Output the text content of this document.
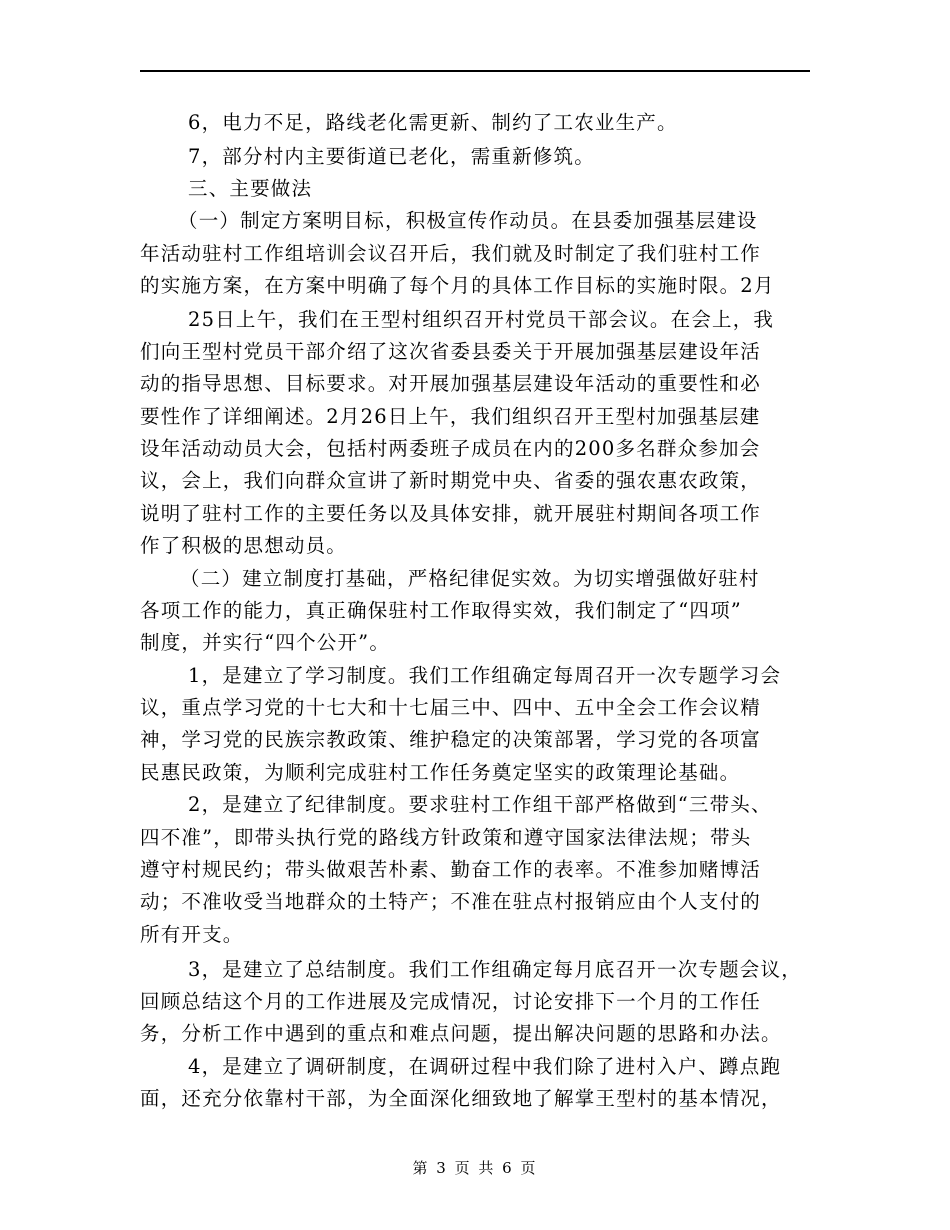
6，电力不足，路线老化需更新、制约了工农业生产。
7，部分村内主要街道已老化，需重新修筑。
三、主要做法
（一）制定方案明目标，积极宣传作动员。在县委加强基层建设
年活动驻村工作组培训会议召开后，我们就及时制定了我们驻村工作
的实施方案，在方案中明确了每个月的具体工作目标的实施时限。2月
25日上午，我们在王型村组织召开村党员干部会议。在会上，我
们向王型村党员干部介绍了这次省委县委关于开展加强基层建设年活
动的指导思想、目标要求。对开展加强基层建设年活动的重要性和必
要性作了详细阐述。2月26日上午，我们组织召开王型村加强基层建
设年活动动员大会，包括村两委班子成员在内的200多名群众参加会
议，会上，我们向群众宣讲了新时期党中央、省委的强农惠农政策，
说明了驻村工作的主要任务以及具体安排，就开展驻村期间各项工作
作了积极的思想动员。
（二）建立制度打基础，严格纪律促实效。为切实增强做好驻村
各项工作的能力，真正确保驻村工作取得实效，我们制定了“四项”
制度，并实行“四个公开”。
1，是建立了学习制度。我们工作组确定每周召开一次专题学习会
议，重点学习党的十七大和十七届三中、四中、五中全会工作会议精
神，学习党的民族宗教政策、维护稳定的决策部署，学习党的各项富
民惠民政策，为顺利完成驻村工作任务奠定坚实的政策理论基础。
2，是建立了纪律制度。要求驻村工作组干部严格做到“三带头、
四不准”，即带头执行党的路线方针政策和遵守国家法律法规；带头
遵守村规民约；带头做艰苦朴素、勤奋工作的表率。不准参加赌博活
动；不准收受当地群众的土特产；不准在驻点村报销应由个人支付的
所有开支。
3，是建立了总结制度。我们工作组确定每月底召开一次专题会议，
回顾总结这个月的工作进展及完成情况，讨论安排下一个月的工作任
务，分析工作中遇到的重点和难点问题，提出解决问题的思路和办法。
4，是建立了调研制度，在调研过程中我们除了进村入户、蹲点跑
面，还充分依靠村干部，为全面深化细致地了解掌王型村的基本情况，
第 3 页 共 6 页
